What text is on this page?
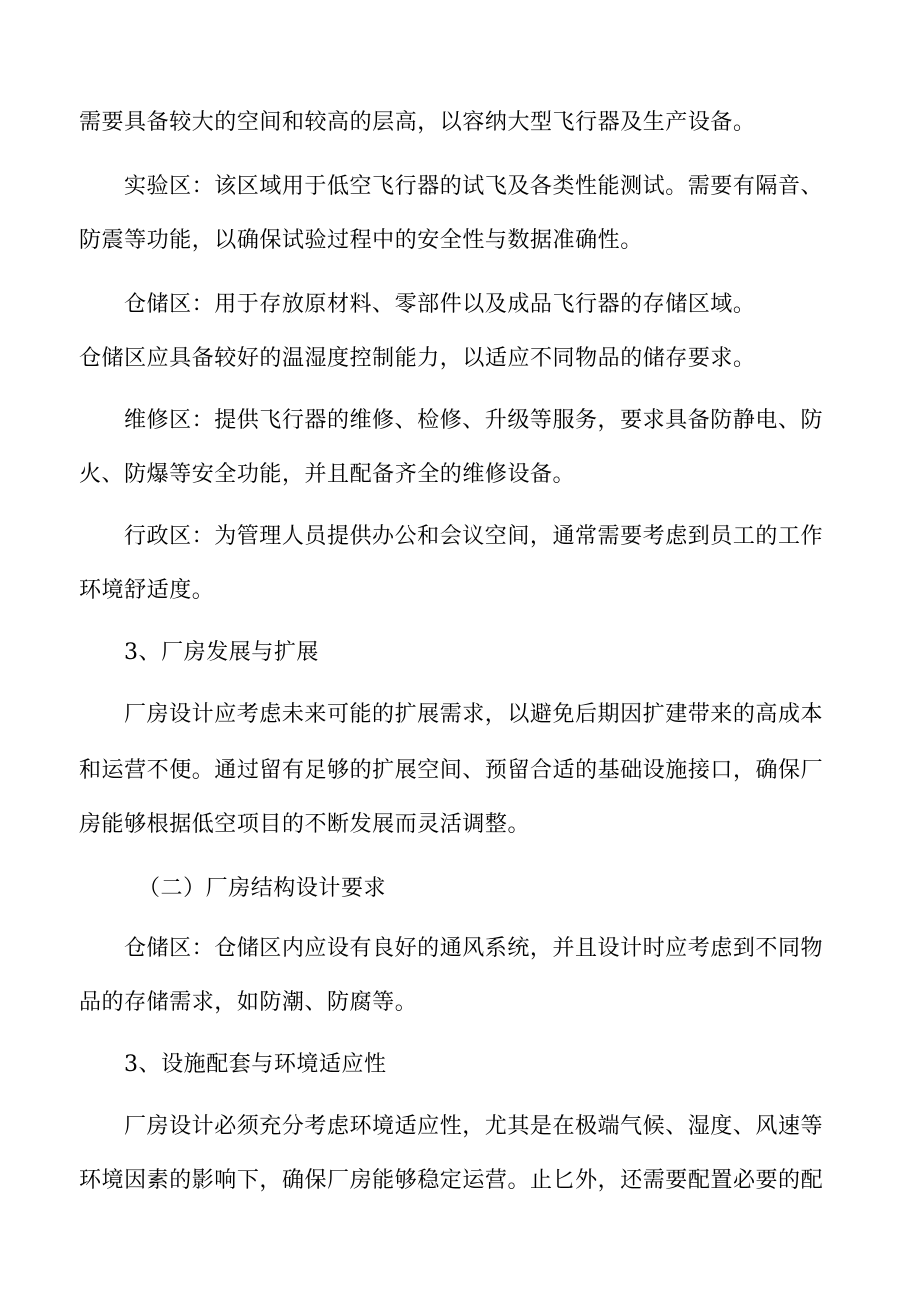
需要具备较大的空间和较高的层高，以容纳大型飞行器及生产设备。
实验区：该区域用于低空飞行器的试飞及各类性能测试。需要有隔音、
防震等功能，以确保试验过程中的安全性与数据准确性。
仓储区：用于存放原材料、零部件以及成品飞行器的存储区域。
仓储区应具备较好的温湿度控制能力，以适应不同物品的储存要求。
维修区：提供飞行器的维修、检修、升级等服务，要求具备防静电、防
火、防爆等安全功能，并且配备齐全的维修设备。
行政区：为管理人员提供办公和会议空间，通常需要考虑到员工的工作
环境舒适度。
3、厂房发展与扩展
厂房设计应考虑未来可能的扩展需求，以避免后期因扩建带来的高成本
和运营不便。通过留有足够的扩展空间、预留合适的基础设施接口，确保厂
房能够根据低空项目的不断发展而灵活调整。
（二）厂房结构设计要求
仓储区：仓储区内应设有良好的通风系统，并且设计时应考虑到不同物
品的存储需求，如防潮、防腐等。
3、设施配套与环境适应性
厂房设计必须充分考虑环境适应性，尤其是在极端气候、湿度、风速等
环境因素的影响下，确保厂房能够稳定运营。止匕外，还需要配置必要的配
